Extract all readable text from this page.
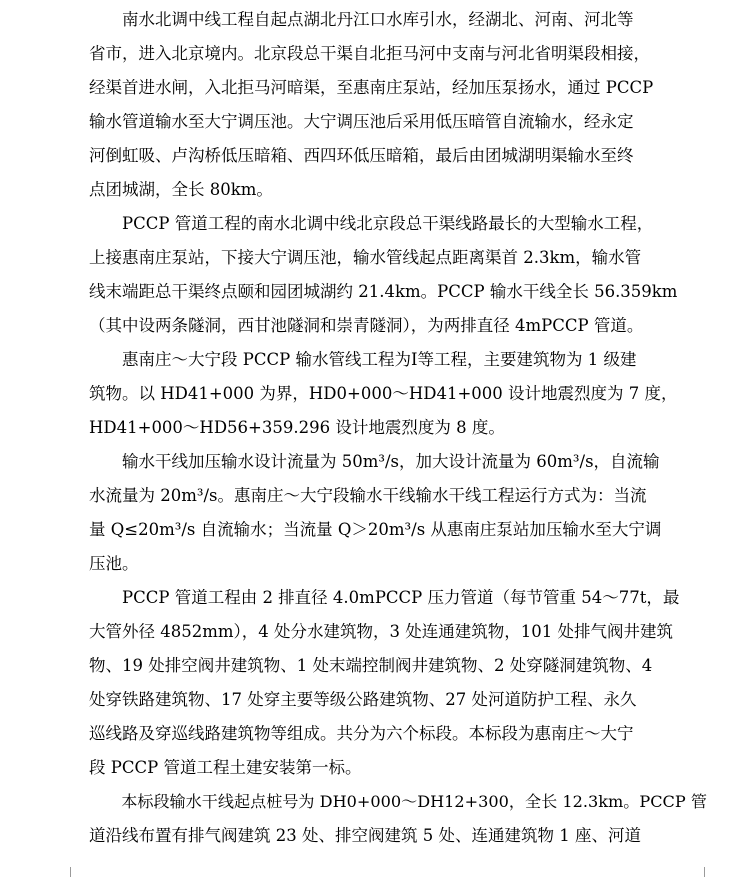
　　南水北调中线工程自起点湖北丹江口水库引水，经湖北、河南、河北等
省市，进入北京境内。北京段总干渠自北拒马河中支南与河北省明渠段相接，
经渠首进水闸，入北拒马河暗渠，至惠南庄泵站，经加压泵扬水，通过 PCCP
输水管道输水至大宁调压池。大宁调压池后采用低压暗管自流输水，经永定
河倒虹吸、卢沟桥低压暗箱、西四环低压暗箱，最后由团城湖明渠输水至终
点团城湖，全长 80km。
　　PCCP 管道工程的南水北调中线北京段总干渠线路最长的大型输水工程，
上接惠南庄泵站，下接大宁调压池，输水管线起点距离渠首 2.3km，输水管
线末端距总干渠终点颐和园团城湖约 21.4km。PCCP 输水干线全长 56.359km
（其中设两条隧洞，西甘池隧洞和崇青隧洞），为两排直径 4mPCCP 管道。
　　惠南庄～大宁段 PCCP 输水管线工程为Ⅰ等工程，主要建筑物为 1 级建
筑物。以 HD41+000 为界，HD0+000～HD41+000 设计地震烈度为 7 度，
HD41+000～HD56+359.296 设计地震烈度为 8 度。
　　输水干线加压输水设计流量为 50m³/s，加大设计流量为 60m³/s，自流输
水流量为 20m³/s。惠南庄～大宁段输水干线输水干线工程运行方式为：当流
量 Q≤20m³/s 自流输水；当流量 Q＞20m³/s 从惠南庄泵站加压输水至大宁调
压池。
　　PCCP 管道工程由 2 排直径 4.0mPCCP 压力管道（每节管重 54～77t，最
大管外径 4852mm），4 处分水建筑物，3 处连通建筑物，101 处排气阀井建筑
物、19 处排空阀井建筑物、1 处末端控制阀井建筑物、2 处穿隧洞建筑物、4
处穿铁路建筑物、17 处穿主要等级公路建筑物、27 处河道防护工程、永久
巡线路及穿巡线路建筑物等组成。共分为六个标段。本标段为惠南庄～大宁
段 PCCP 管道工程土建安装第一标。
　　本标段输水干线起点桩号为 DH0+000～DH12+300，全长 12.3km。PCCP 管
道沿线布置有排气阀建筑 23 处、排空阀建筑 5 处、连通建筑物 1 座、河道
